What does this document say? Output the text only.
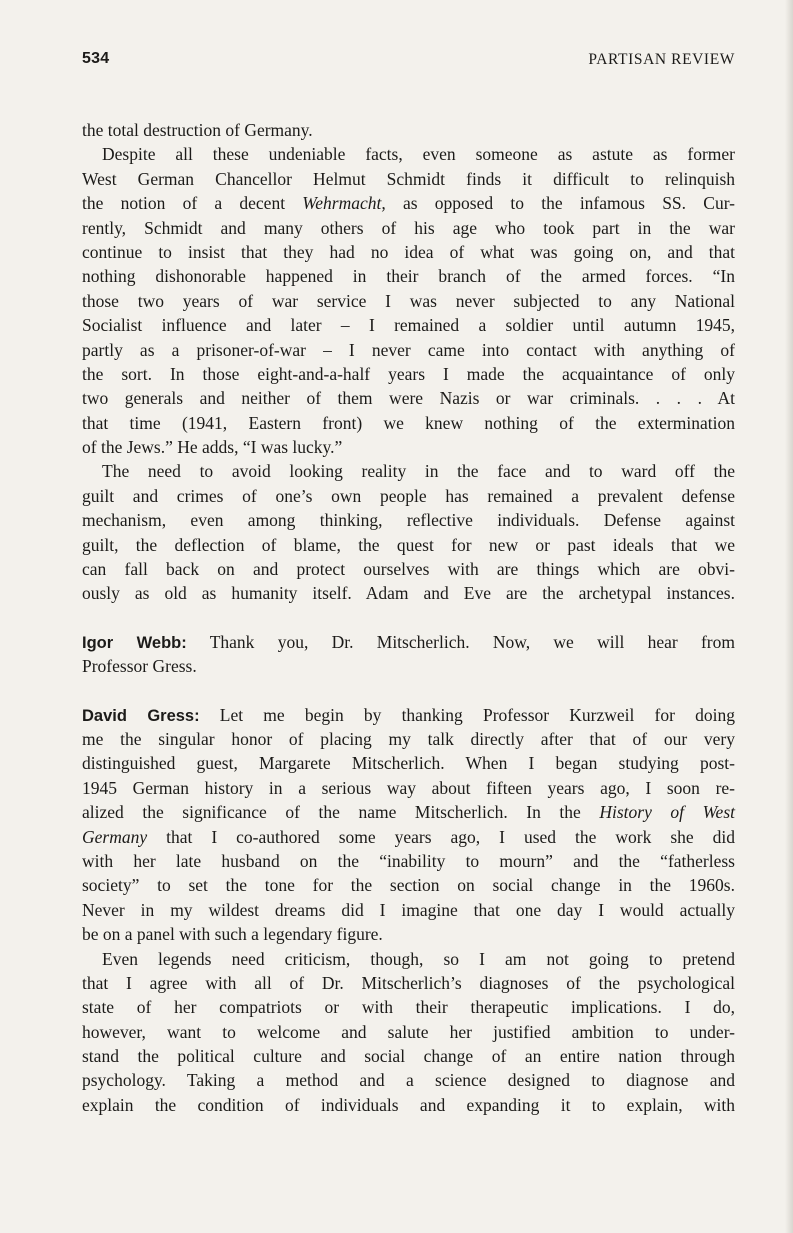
534	PARTISAN REVIEW
the total destruction of Germany.
Despite all these undeniable facts, even someone as astute as former
West German Chancellor Helmut Schmidt finds it difficult to relinquish
the notion of a decent Wehrmacht, as opposed to the infamous SS. Cur-
rently, Schmidt and many others of his age who took part in the war
continue to insist that they had no idea of what was going on, and that
nothing dishonorable happened in their branch of the armed forces. “In
those two years of war service I was never subjected to any National
Socialist influence and later – I remained a soldier until autumn 1945,
partly as a prisoner-of-war – I never came into contact with anything of
the sort. In those eight-and-a-half years I made the acquaintance of only
two generals and neither of them were Nazis or war criminals. . . . At
that time (1941, Eastern front) we knew nothing of the extermination
of the Jews.” He adds, “I was lucky.”
The need to avoid looking reality in the face and to ward off the
guilt and crimes of one’s own people has remained a prevalent defense
mechanism, even among thinking, reflective individuals. Defense against
guilt, the deflection of blame, the quest for new or past ideals that we
can fall back on and protect ourselves with are things which are obvi-
ously as old as humanity itself. Adam and Eve are the archetypal instances.
Igor Webb: Thank you, Dr. Mitscherlich. Now, we will hear from
Professor Gress.
David Gress: Let me begin by thanking Professor Kurzweil for doing
me the singular honor of placing my talk directly after that of our very
distinguished guest, Margarete Mitscherlich. When I began studying post-
1945 German history in a serious way about fifteen years ago, I soon re-
alized the significance of the name Mitscherlich. In the History of West
Germany that I co-authored some years ago, I used the work she did
with her late husband on the “inability to mourn” and the “fatherless
society” to set the tone for the section on social change in the 1960s.
Never in my wildest dreams did I imagine that one day I would actually
be on a panel with such a legendary figure.
Even legends need criticism, though, so I am not going to pretend
that I agree with all of Dr. Mitscherlich’s diagnoses of the psychological
state of her compatriots or with their therapeutic implications. I do,
however, want to welcome and salute her justified ambition to under-
stand the political culture and social change of an entire nation through
psychology. Taking a method and a science designed to diagnose and
explain the condition of individuals and expanding it to explain, with
